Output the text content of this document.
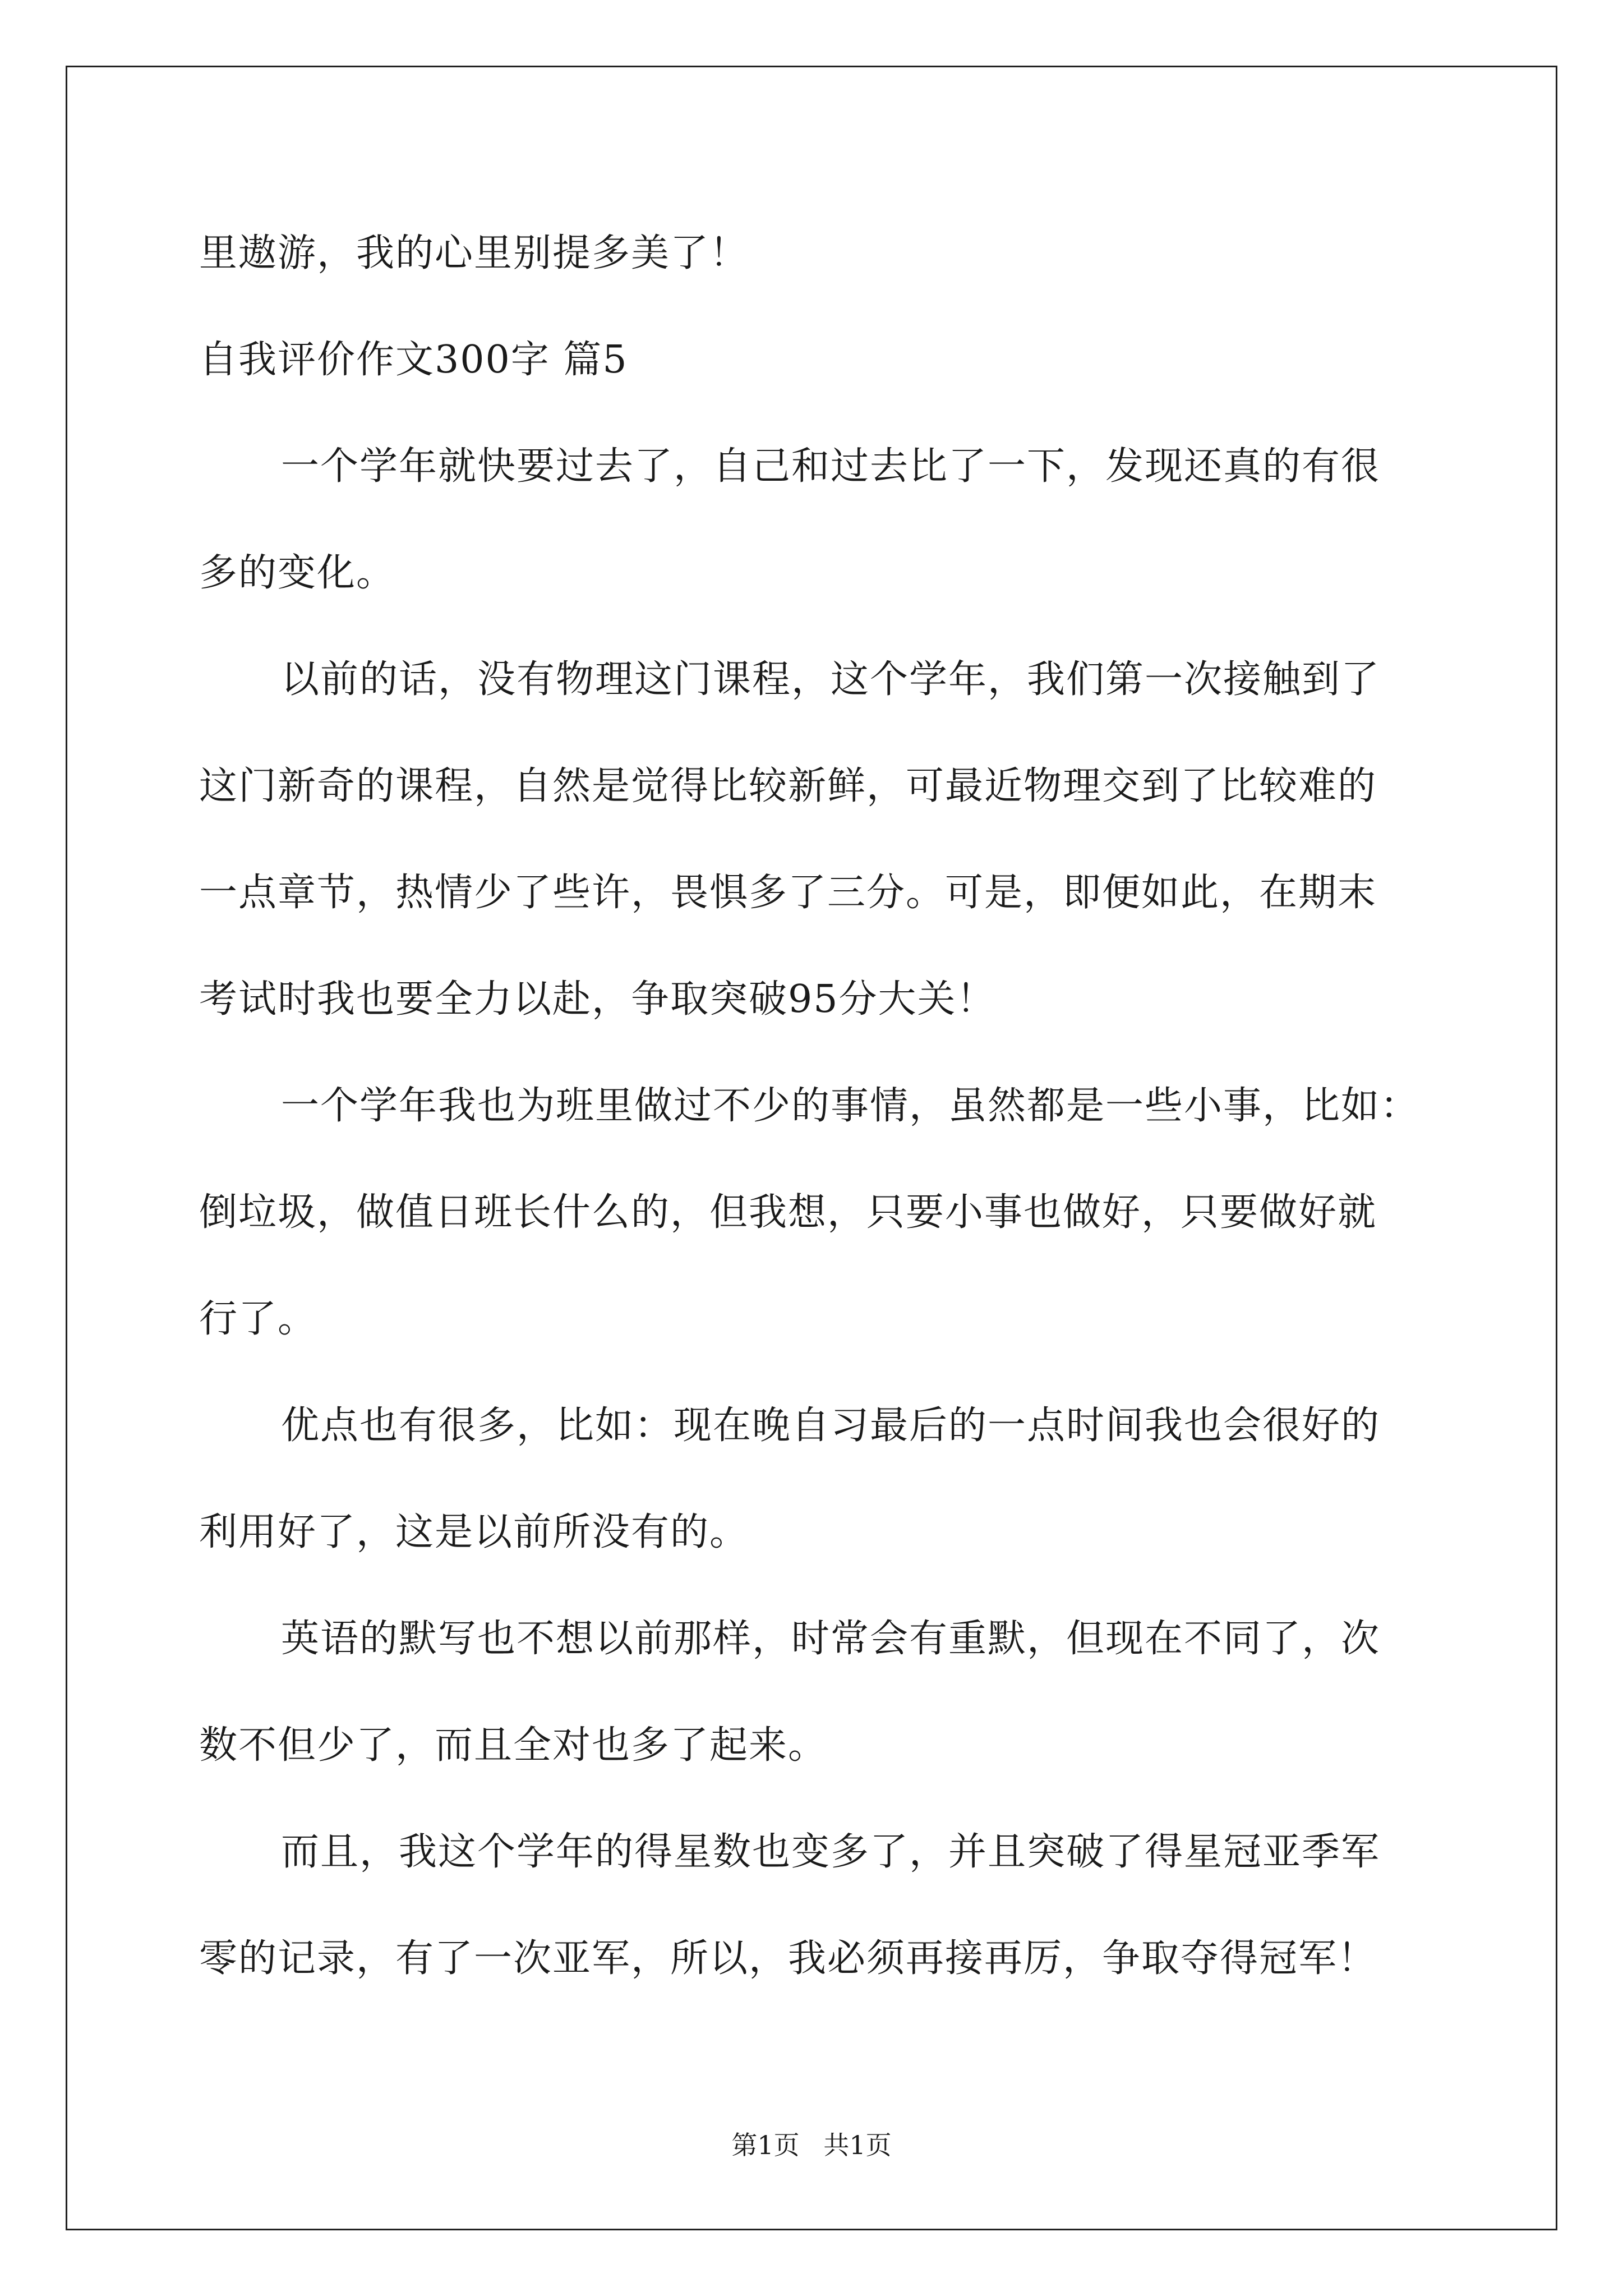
里遨游，我的心里别提多美了！
自我评价作文300字 篇5
一个学年就快要过去了，自己和过去比了一下，发现还真的有很
多的变化。
以前的话，没有物理这门课程，这个学年，我们第一次接触到了
这门新奇的课程，自然是觉得比较新鲜，可最近物理交到了比较难的
一点章节，热情少了些许，畏惧多了三分。可是，即便如此，在期末
考试时我也要全力以赴，争取突破95分大关！
一个学年我也为班里做过不少的事情，虽然都是一些小事，比如：
倒垃圾，做值日班长什么的，但我想，只要小事也做好，只要做好就
行了。
优点也有很多，比如：现在晚自习最后的一点时间我也会很好的
利用好了，这是以前所没有的。
英语的默写也不想以前那样，时常会有重默，但现在不同了，次
数不但少了，而且全对也多了起来。
而且，我这个学年的得星数也变多了，并且突破了得星冠亚季军
零的记录，有了一次亚军，所以，我必须再接再厉，争取夺得冠军！
第1页 共1页
